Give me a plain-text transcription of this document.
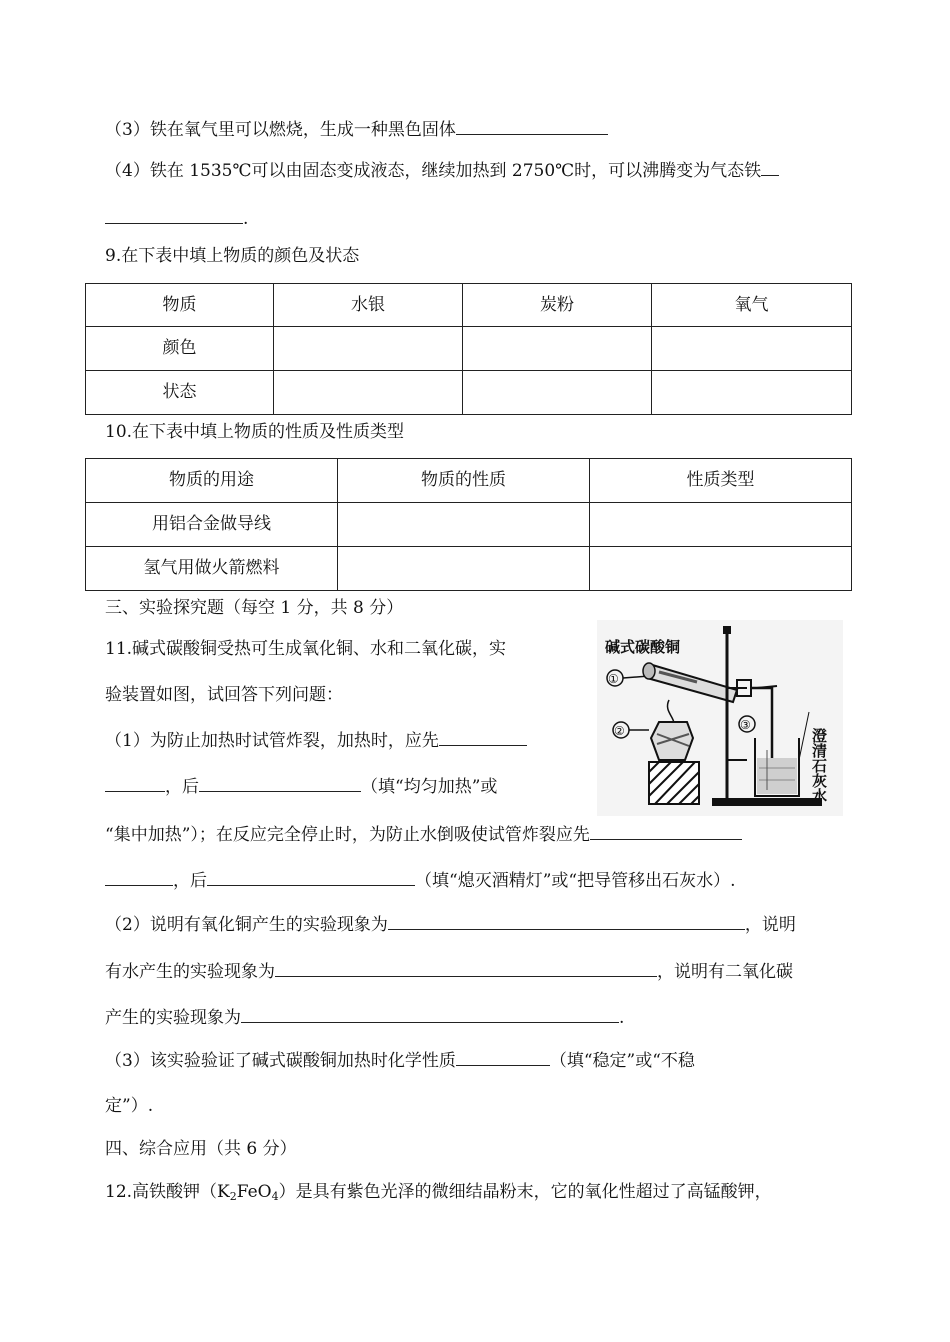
（3）铁在氧气里可以燃烧，生成一种黑色固体
（4）铁在 1535℃可以由固态变成液态，继续加热到 2750℃时，可以沸腾变为气态铁
.
9.在下表中填上物质的颜色及状态
物质	水银	炭粉	氧气
颜色			
状态			
10.在下表中填上物质的性质及性质类型
物质的用途	物质的性质	性质类型
用铝合金做导线		
氢气用做火箭燃料		
三、实验探究题（每空 1 分，共 8 分）
11.碱式碳酸铜受热可生成氧化铜、水和二氧化碳，实
验装置如图，试回答下列问题：
（1）为防止加热时试管炸裂，加热时，应先
，后	（填“均匀加热”或
“集中加热”）；在反应完全停止时，为防止水倒吸使试管炸裂应先
，后	（填“熄灭酒精灯”或“把导管移出石灰水）.
（2）说明有氧化铜产生的实验现象为	，说明
有水产生的实验现象为	，说明有二氧化碳
产生的实验现象为	.
（3）该实验验证了碱式碳酸铜加热时化学性质	（填“稳定”或“不稳
定”）.
碱式碳酸铜
①
③
澄清石灰水
②
四、综合应用（共 6 分）
12.高铁酸钾$(K_2FeO_4)$是具有紫色光泽的微细结晶粉末，它的氧化性超过了高锰酸钾，
